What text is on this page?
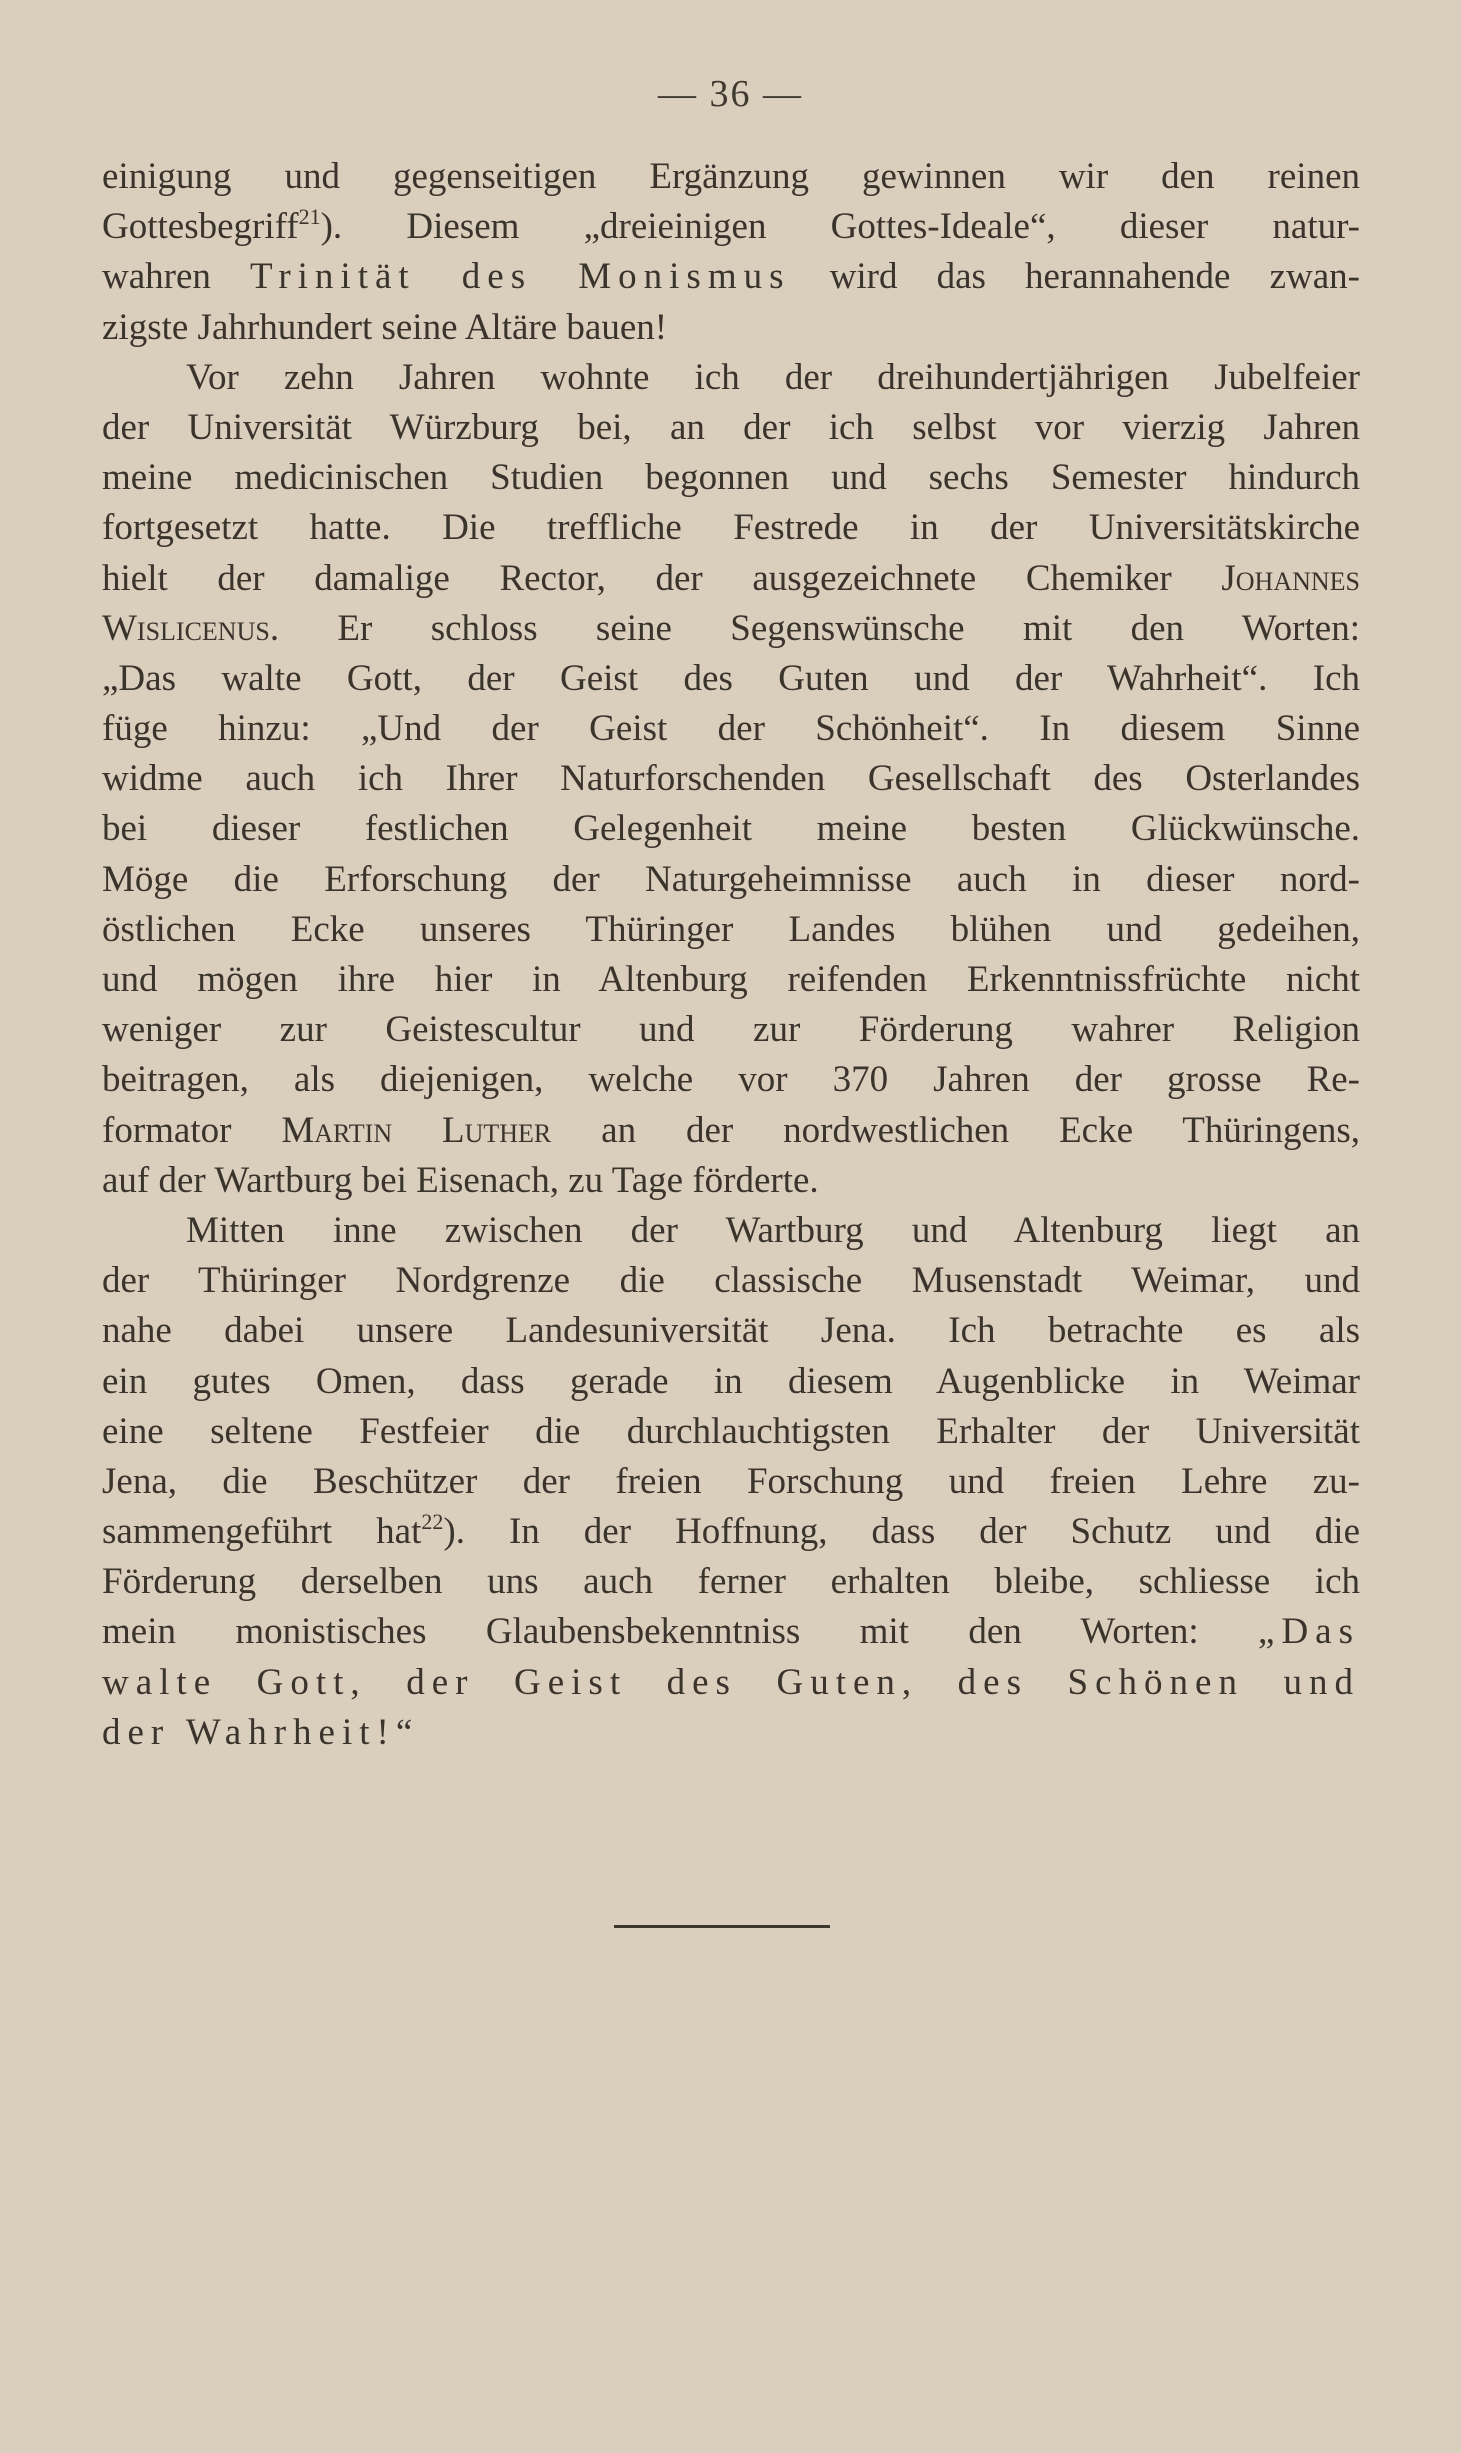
— 36 —
einigung und gegenseitigen Ergänzung gewinnen wir den reinen
Gottesbegriff$^{21}$). Diesem „dreieinigen Gottes-Ideale“, dieser natur-
wahren Trinität des Monismus wird das herannahende zwan-
zigste Jahrhundert seine Altäre bauen!
Vor zehn Jahren wohnte ich der dreihundertjährigen Jubelfeier
der Universität Würzburg bei, an der ich selbst vor vierzig Jahren
meine medicinischen Studien begonnen und sechs Semester hindurch
fortgesetzt hatte. Die treffliche Festrede in der Universitätskirche
hielt der damalige Rector, der ausgezeichnete Chemiker Johannes
Wislicenus. Er schloss seine Segenswünsche mit den Worten:
„Das walte Gott, der Geist des Guten und der Wahrheit“. Ich
füge hinzu: „Und der Geist der Schönheit“. In diesem Sinne
widme auch ich Ihrer Naturforschenden Gesellschaft des Osterlandes
bei dieser festlichen Gelegenheit meine besten Glückwünsche.
Möge die Erforschung der Naturgeheimnisse auch in dieser nord-
östlichen Ecke unseres Thüringer Landes blühen und gedeihen,
und mögen ihre hier in Altenburg reifenden Erkenntnissfrüchte nicht
weniger zur Geistescultur und zur Förderung wahrer Religion
beitragen, als diejenigen, welche vor 370 Jahren der grosse Re-
formator Martin Luther an der nordwestlichen Ecke Thüringens,
auf der Wartburg bei Eisenach, zu Tage förderte.
Mitten inne zwischen der Wartburg und Altenburg liegt an
der Thüringer Nordgrenze die classische Musenstadt Weimar, und
nahe dabei unsere Landesuniversität Jena. Ich betrachte es als
ein gutes Omen, dass gerade in diesem Augenblicke in Weimar
eine seltene Festfeier die durchlauchtigsten Erhalter der Universität
Jena, die Beschützer der freien Forschung und freien Lehre zu-
sammengeführt hat$^{22}$). In der Hoffnung, dass der Schutz und die
Förderung derselben uns auch ferner erhalten bleibe, schliesse ich
mein monistisches Glaubensbekenntniss mit den Worten: „Das
walte Gott, der Geist des Guten, des Schönen und
der Wahrheit!“
